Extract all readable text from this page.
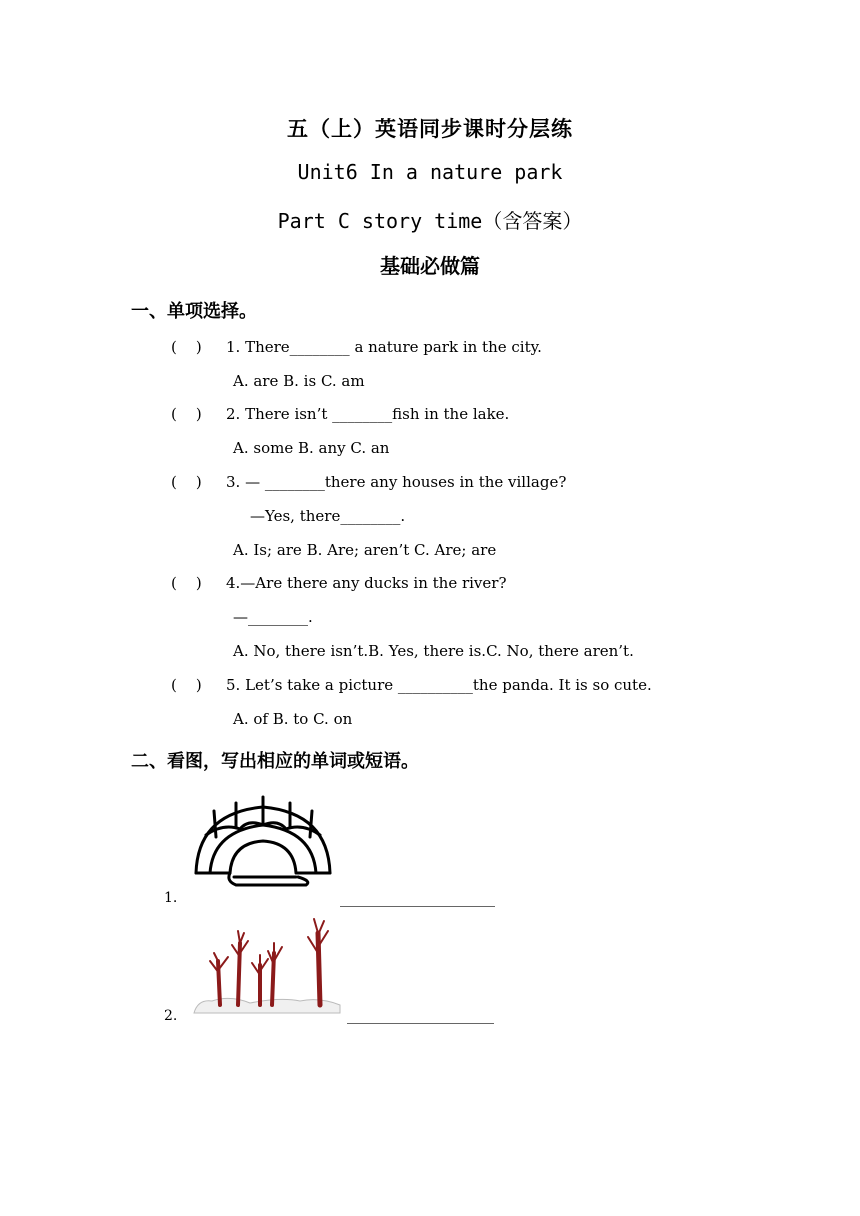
五（上）英语同步课时分层练
Unit6 In a nature park
Part C story time（含答案）
基础必做篇
一、单项选择。
(    ) 1. There________ a nature park in the city.
A. are B. is C. am
(    ) 2. There isn’t ________fish in the lake.
A. some B. any C. an
(    ) 3. — ________there any houses in the village?
—Yes, there________.
A. Is; are B. Are; aren’t C. Are; are
(    ) 4.—Are there any ducks in the river?
—________.
A. No, there isn’t.B. Yes, there is.C. No, there aren’t.
(    ) 5. Let’s take a picture __________the panda. It is so cute.
A. of B. to C. on
二、看图，写出相应的单词或短语。
1.
2.
